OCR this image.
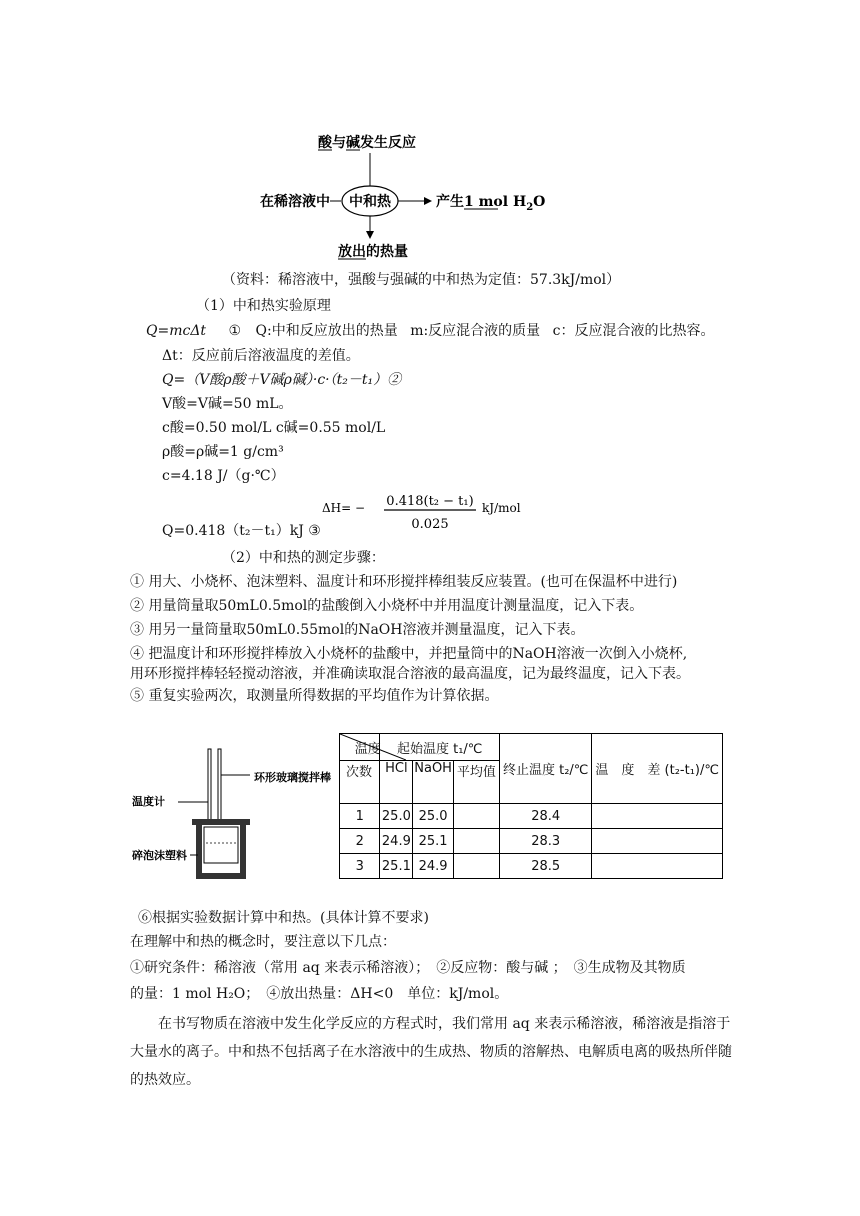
酸与碱发生反应
在稀溶液中 中和热	产生1 mol $H_2O$
放出的热量
（资料：稀溶液中，强酸与强碱的中和热为定值：57.3kJ/mol）
（1）中和热实验原理
Q=mcΔt ① Q:中和反应放出的热量 m:反应混合液的质量 c：反应混合液的比热容。
Δt：反应前后溶液温度的差值。
Q=（V酸ρ酸＋V碱ρ碱）·c·（t₂－t₁）②
V酸=V碱=50 mL。
c酸=0.50 mol/L c碱=0.55 mol/L
ρ酸=ρ碱=1 g/cm³
c=4.18 J/（g·℃）
Q=0.418（t₂－t₁）kJ ③
ΔH= − 0.418(t₂ − t₁)
0.025
kJ/mol
（2）中和热的测定步骤：
① 用大、小烧杯、泡沫塑料、温度计和环形搅拌棒组装反应装置。(也可在保温杯中进行)
② 用量筒量取50mL0.5mol的盐酸倒入小烧杯中并用温度计测量温度，记入下表。
③ 用另一量筒量取50mL0.55mol的NaOH溶液并测量温度，记入下表。
④ 把温度计和环形搅拌棒放入小烧杯的盐酸中，并把量筒中的NaOH溶液一次倒入小烧杯,
用环形搅拌棒轻轻搅动溶液，并准确读取混合溶液的最高温度，记为最终温度，记入下表。
⑤ 重复实验两次，取测量所得数据的平均值作为计算依据。
环形玻璃搅拌棒
温度计
碎泡沫塑料
温度	起始温度 t₁/℃			终止温度 t₂/℃	温　度　差 (t₂-t₁)/℃
次数	HCl	NaOH	平均值		
1	25.0	25.0		28.4	
2	24.9	25.1		28.3	
3	25.1	24.9		28.5	
⑥根据实验数据计算中和热。(具体计算不要求)
在理解中和热的概念时，要注意以下几点：
①研究条件：稀溶液（常用 aq 来表示稀溶液）；　②反应物：酸与碱 ；　③生成物及其物质
的量：1 mol H₂O；　④放出热量：ΔH<0　单位：kJ/mol。
在书写物质在溶液中发生化学反应的方程式时，我们常用 aq 来表示稀溶液，稀溶液是指溶于大量水的离子。中和热不包括离子在水溶液中的生成热、物质的溶解热、电解质电离的吸热所伴随的热效应。
